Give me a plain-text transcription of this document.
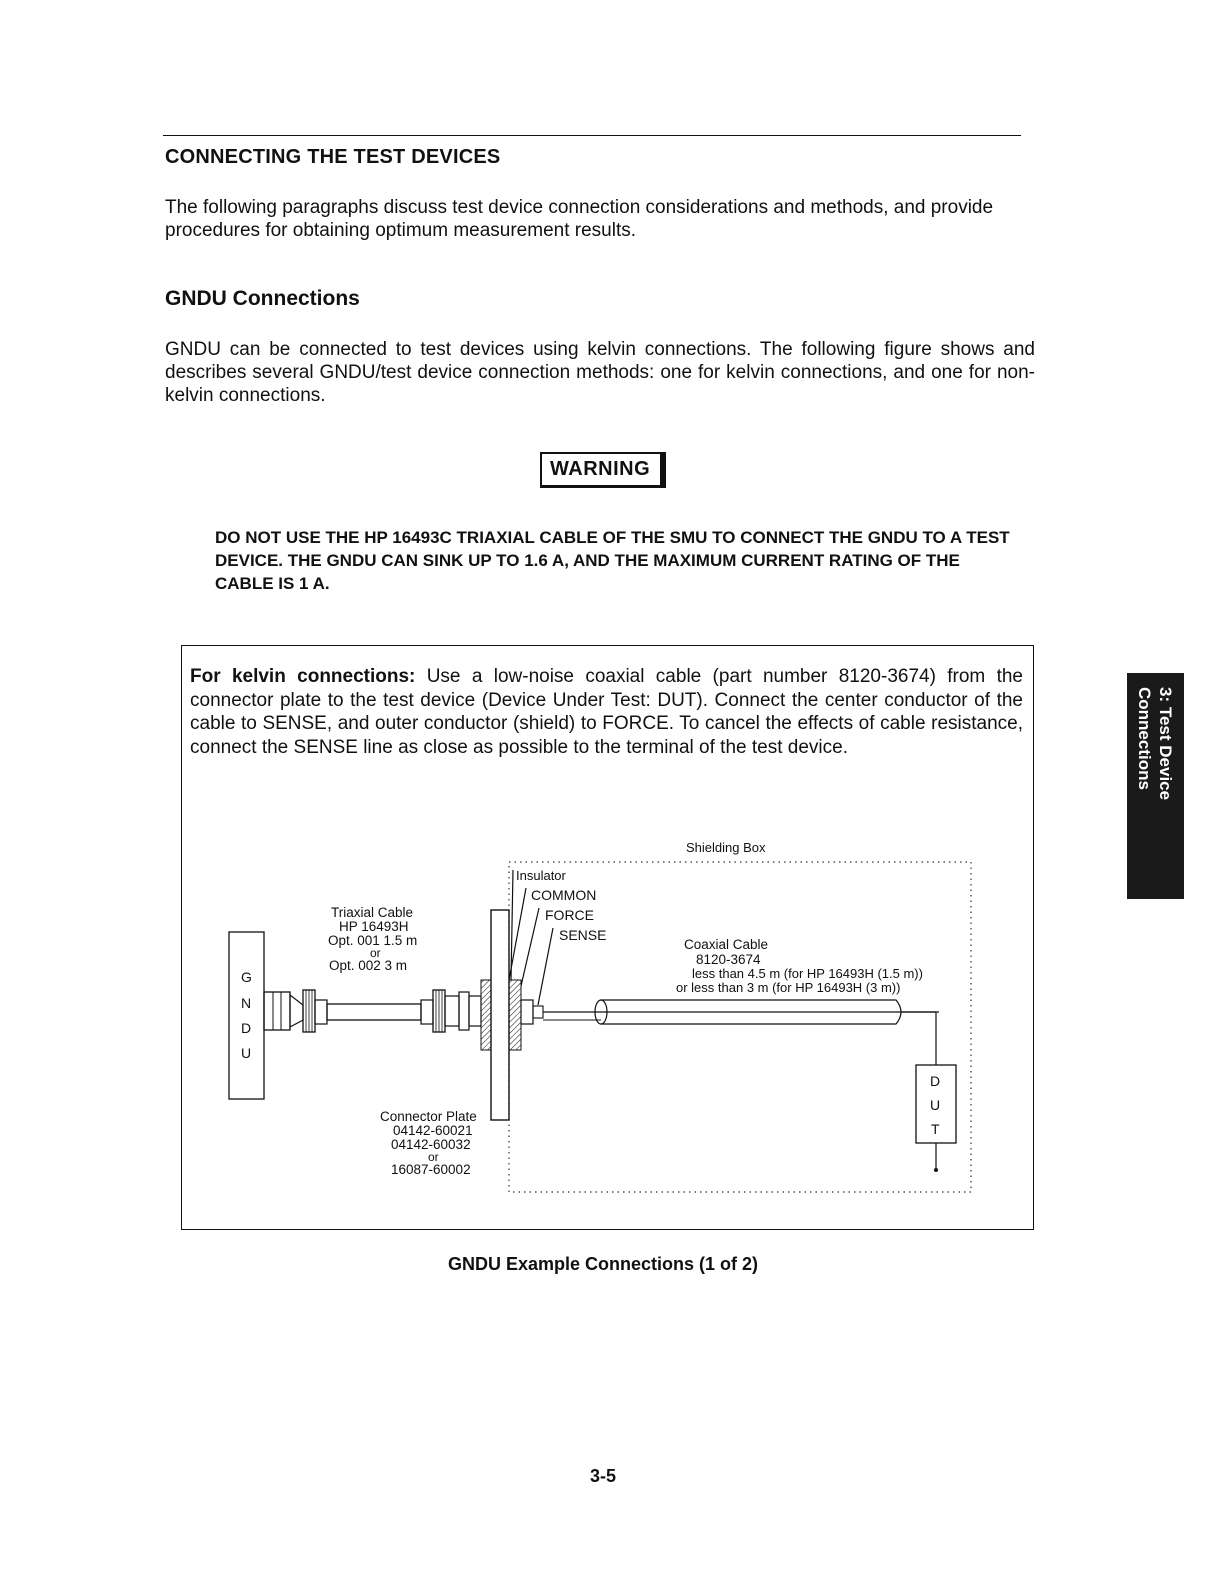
CONNECTING THE TEST DEVICES

The following paragraphs discuss test device connection considerations and methods, and provide procedures for obtaining optimum measurement results.

GNDU Connections

GNDU can be connected to test devices using kelvin connections. The following figure shows and describes several GNDU/test device connection methods: one for kelvin connections, and one for non-kelvin connections.

WARNING

DO NOT USE THE HP 16493C TRIAXIAL CABLE OF THE SMU TO CONNECT THE GNDU TO A TEST DEVICE. THE GNDU CAN SINK UP TO 1.6 A, AND THE MAXIMUM CURRENT RATING OF THE CABLE IS 1 A.

For kelvin connections: Use a low-noise coaxial cable (part number 8120-3674) from the connector plate to the test device (Device Under Test: DUT). Connect the center conductor of the cable to SENSE, and outer conductor (shield) to FORCE. To cancel the effects of cable resistance, connect the SENSE line as close as possible to the terminal of the test device.

Shielding Box
Insulator
COMMON
FORCE
SENSE
G
N
D
U
Triaxial Cable
HP 16493H
Opt. 001 1.5 m
or
Opt. 002 3 m
Coaxial Cable
8120-3674
less than 4.5 m (for HP 16493H (1.5 m))
or less than 3 m (for HP 16493H (3 m))
D
U
T
Connector Plate
04142-60021
04142-60032
or
16087-60002

GNDU Example Connections (1 of 2)

3: Test Device
Connections

3-5
